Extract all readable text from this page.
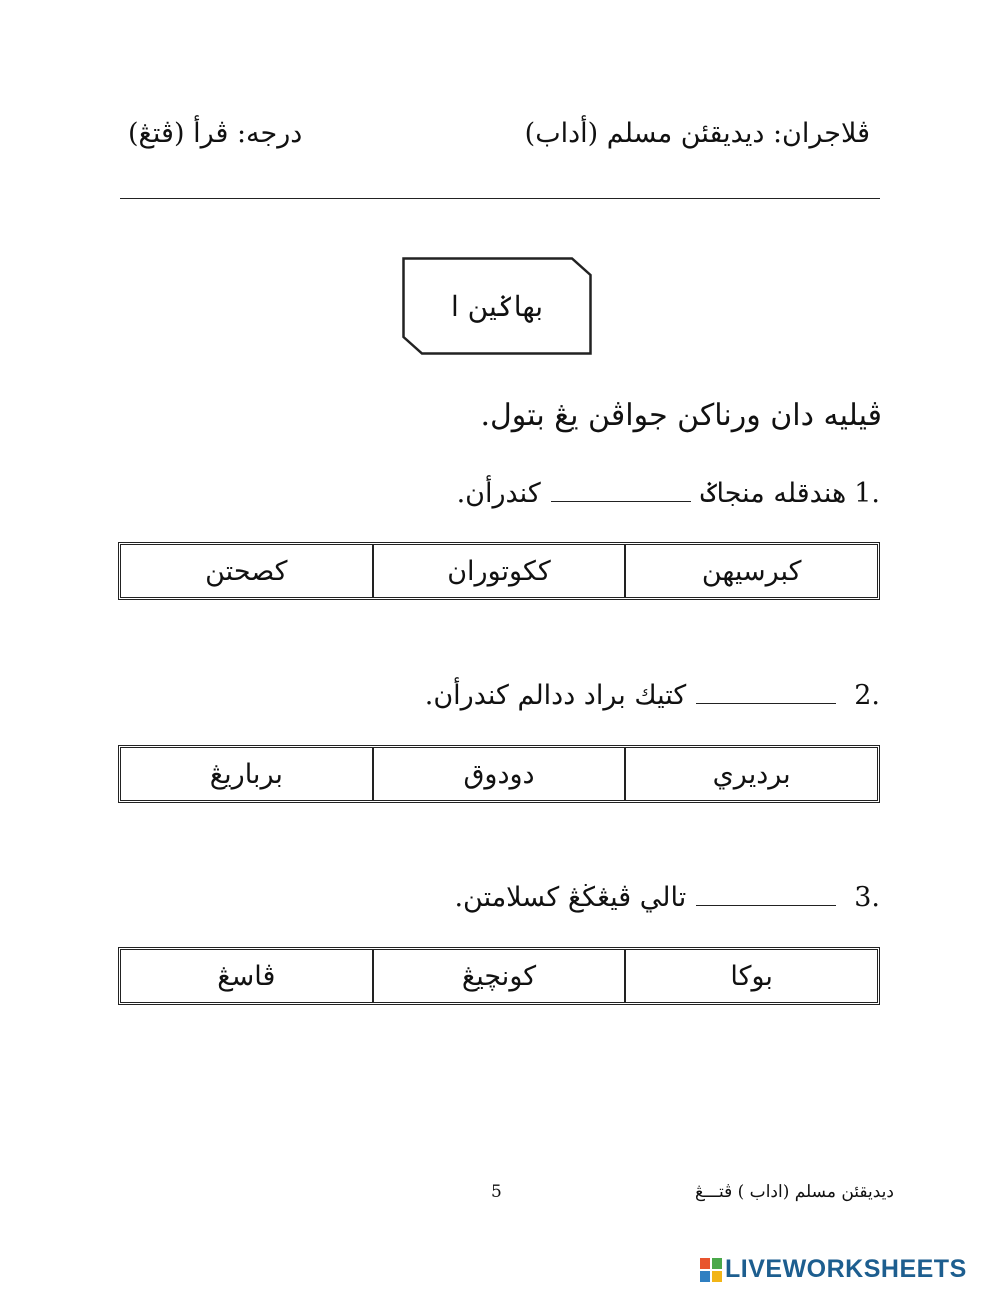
ڤلاجران: ديديقئن مسلم (أداب)
درجه: ڤرأ (ڤتڠ)
بهاݢين ا
ڤيليه دان ورناکن جواڤن يڠ بتول.
1.هندقله منجاݢکندرأن.
کبرسيهن
ککوتوران
کصحتن
2.کتيك براد ددالم کندرأن.
برديري
دودوق
برباريڠ
3.تالي ڤيڠڬڠ کسلامتن.
بوکا
کونچيڠ
ڤاسڠ
ديديقئن مسلم (اداب ) ڤتـــڠ
5
LIVEWORKSHEETS
